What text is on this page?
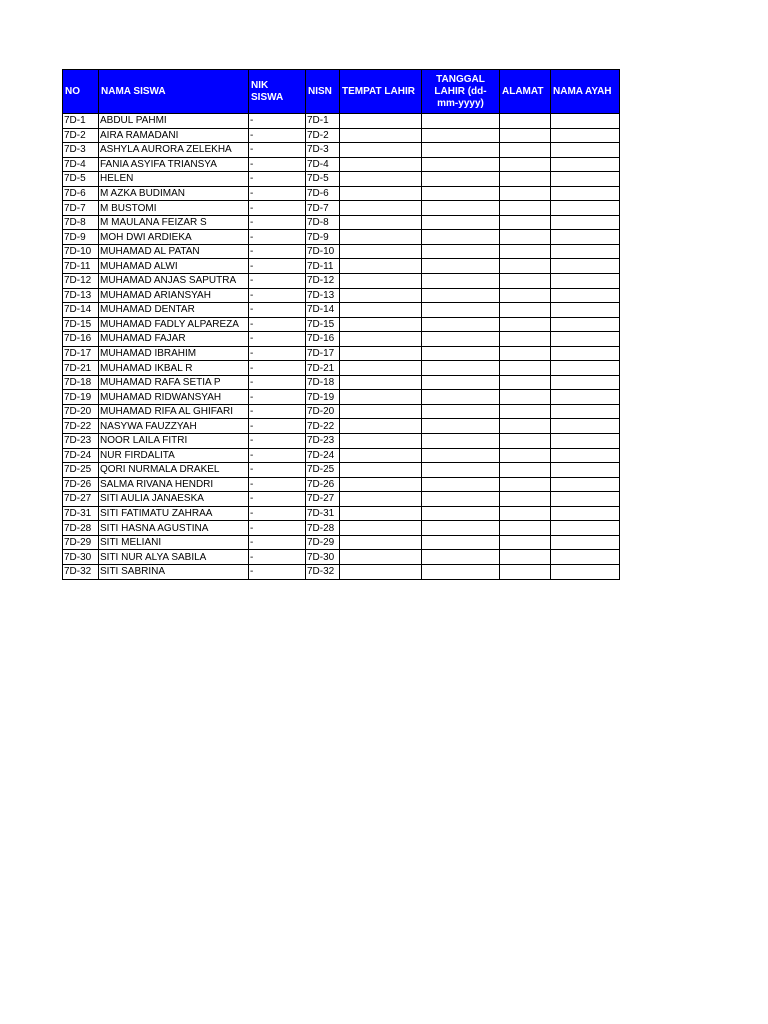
NO	NAMA SISWA	NIK SISWA	NISN	TEMPAT LAHIR	TANGGAL LAHIR (dd-mm-yyyy)	ALAMAT	NAMA AYAH
7D-1	ABDUL PAHMI	-	7D-1				
7D-2	AIRA RAMADANI	-	7D-2				
7D-3	ASHYLA AURORA ZELEKHA	-	7D-3				
7D-4	FANIA ASYIFA TRIANSYA	-	7D-4				
7D-5	HELEN	-	7D-5				
7D-6	M AZKA BUDIMAN	-	7D-6				
7D-7	M BUSTOMI	-	7D-7				
7D-8	M MAULANA FEIZAR S	-	7D-8				
7D-9	MOH DWI ARDIEKA	-	7D-9				
7D-10	MUHAMAD AL PATAN	-	7D-10				
7D-11	MUHAMAD ALWI	-	7D-11				
7D-12	MUHAMAD ANJAS SAPUTRA	-	7D-12				
7D-13	MUHAMAD ARIANSYAH	-	7D-13				
7D-14	MUHAMAD DENTAR	-	7D-14				
7D-15	MUHAMAD FADLY ALPAREZA	-	7D-15				
7D-16	MUHAMAD FAJAR	-	7D-16				
7D-17	MUHAMAD IBRAHIM	-	7D-17				
7D-21	MUHAMAD IKBAL R	-	7D-21				
7D-18	MUHAMAD RAFA SETIA P	-	7D-18				
7D-19	MUHAMAD RIDWANSYAH	-	7D-19				
7D-20	MUHAMAD RIFA AL GHIFARI	-	7D-20				
7D-22	NASYWA FAUZZYAH	-	7D-22				
7D-23	NOOR LAILA FITRI	-	7D-23				
7D-24	NUR FIRDALITA	-	7D-24				
7D-25	QORI NURMALA DRAKEL	-	7D-25				
7D-26	SALMA RIVANA HENDRI	-	7D-26				
7D-27	SITI AULIA JANAESKA	-	7D-27				
7D-31	SITI FATIMATU ZAHRAA	-	7D-31				
7D-28	SITI HASNA AGUSTINA	-	7D-28				
7D-29	SITI MELIANI	-	7D-29				
7D-30	SITI NUR ALYA SABILA	-	7D-30				
7D-32	SITI SABRINA	-	7D-32				
